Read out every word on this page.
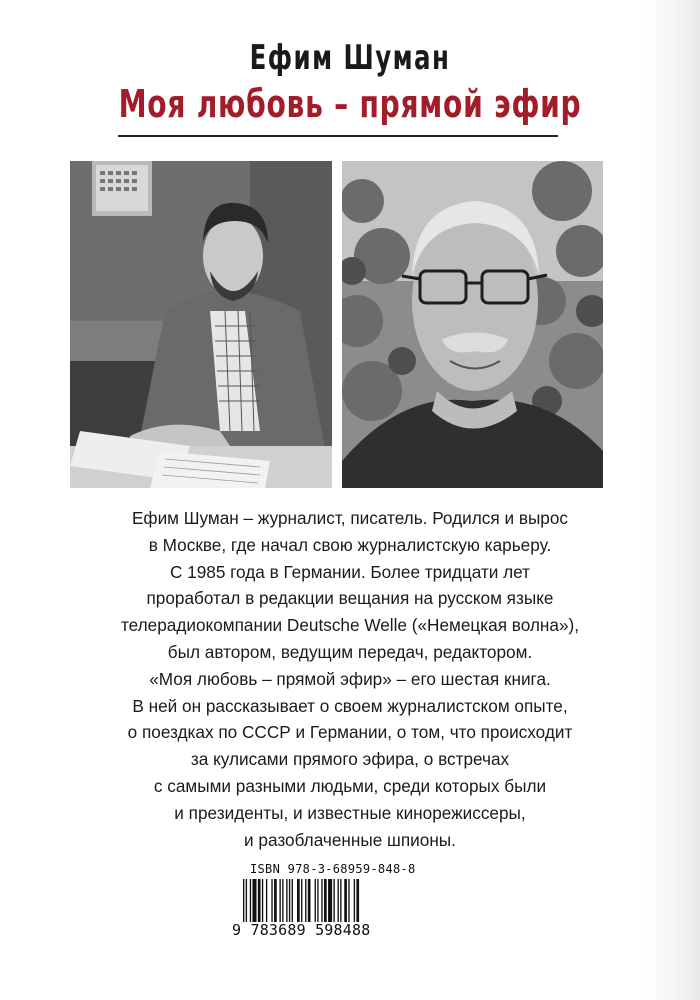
Ефим Шуман
Моя любовь – прямой эфир
Ефим Шуман – журналист, писатель. Родился и вырос
в Москве, где начал свою журналистскую карьеру.
С 1985 года в Германии. Более тридцати лет
проработал в редакции вещания на русском языке
телерадиокомпании Deutsche Welle («Немецкая волна»),
был автором, ведущим передач, редактором.
«Моя любовь – прямой эфир» – его шестая книга.
В ней он рассказывает о своем журналистском опыте,
о поездках по СССР и Германии, о том, что происходит
за кулисами прямого эфира, о встречах
с самыми разными людьми, среди которых были
и президенты, и известные кинорежиссеры,
и разоблаченные шпионы.
ISBN 978-3-68959-848-8
9 783689 598488
